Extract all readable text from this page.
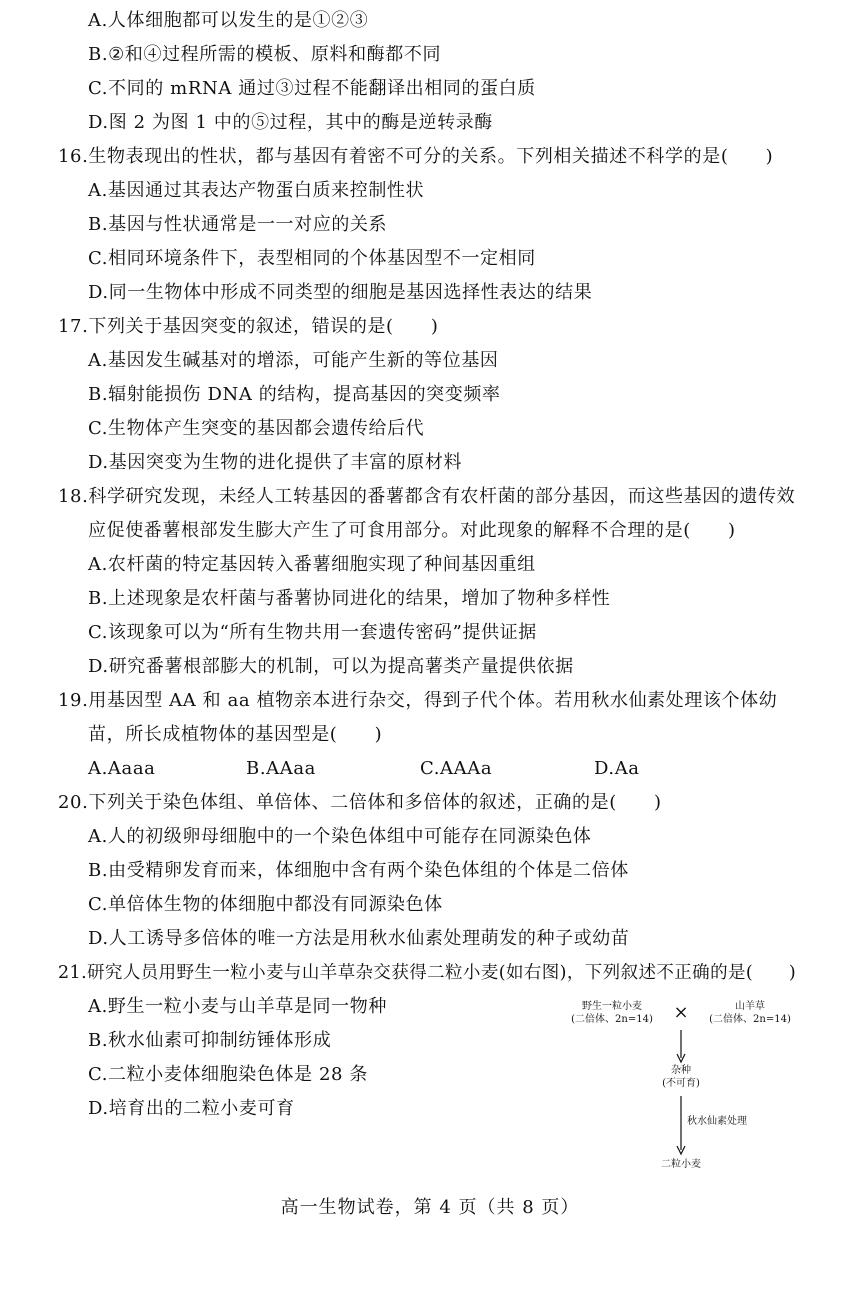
A.人体细胞都可以发生的是①②③
B.②和④过程所需的模板、原料和酶都不同
C.不同的 mRNA 通过③过程不能翻译出相同的蛋白质
D.图 2 为图 1 中的⑤过程，其中的酶是逆转录酶
16.生物表现出的性状，都与基因有着密不可分的关系。下列相关描述不科学的是(　　)
A.基因通过其表达产物蛋白质来控制性状
B.基因与性状通常是一一对应的关系
C.相同环境条件下，表型相同的个体基因型不一定相同
D.同一生物体中形成不同类型的细胞是基因选择性表达的结果
17.下列关于基因突变的叙述，错误的是(　　)
A.基因发生碱基对的增添，可能产生新的等位基因
B.辐射能损伤 DNA 的结构，提高基因的突变频率
C.生物体产生突变的基因都会遗传给后代
D.基因突变为生物的进化提供了丰富的原材料
18.科学研究发现，未经人工转基因的番薯都含有农杆菌的部分基因，而这些基因的遗传效
应促使番薯根部发生膨大产生了可食用部分。对此现象的解释不合理的是(　　)
A.农杆菌的特定基因转入番薯细胞实现了种间基因重组
B.上述现象是农杆菌与番薯协同进化的结果，增加了物种多样性
C.该现象可以为“所有生物共用一套遗传密码”提供证据
D.研究番薯根部膨大的机制，可以为提高薯类产量提供依据
19.用基因型 AA 和 aa 植物亲本进行杂交，得到子代个体。若用秋水仙素处理该个体幼
苗，所长成植物体的基因型是(　　)
A.Aaaa	B.AAaa	C.AAAa	D.Aa
20.下列关于染色体组、单倍体、二倍体和多倍体的叙述，正确的是(　　)
A.人的初级卵母细胞中的一个染色体组中可能存在同源染色体
B.由受精卵发育而来，体细胞中含有两个染色体组的个体是二倍体
C.单倍体生物的体细胞中都没有同源染色体
D.人工诱导多倍体的唯一方法是用秋水仙素处理萌发的种子或幼苗
21.研究人员用野生一粒小麦与山羊草杂交获得二粒小麦(如右图)，下列叙述不正确的是(　　)
A.野生一粒小麦与山羊草是同一物种
B.秋水仙素可抑制纺锤体形成
C.二粒小麦体细胞染色体是 28 条
D.培育出的二粒小麦可育
野生一粒小麦
(二倍体、2n=14)	×	山羊草
(二倍体、2n=14)
杂种
(不可育)
秋水仙素处理
二粒小麦
高一生物试卷，第 4 页（共 8 页）
